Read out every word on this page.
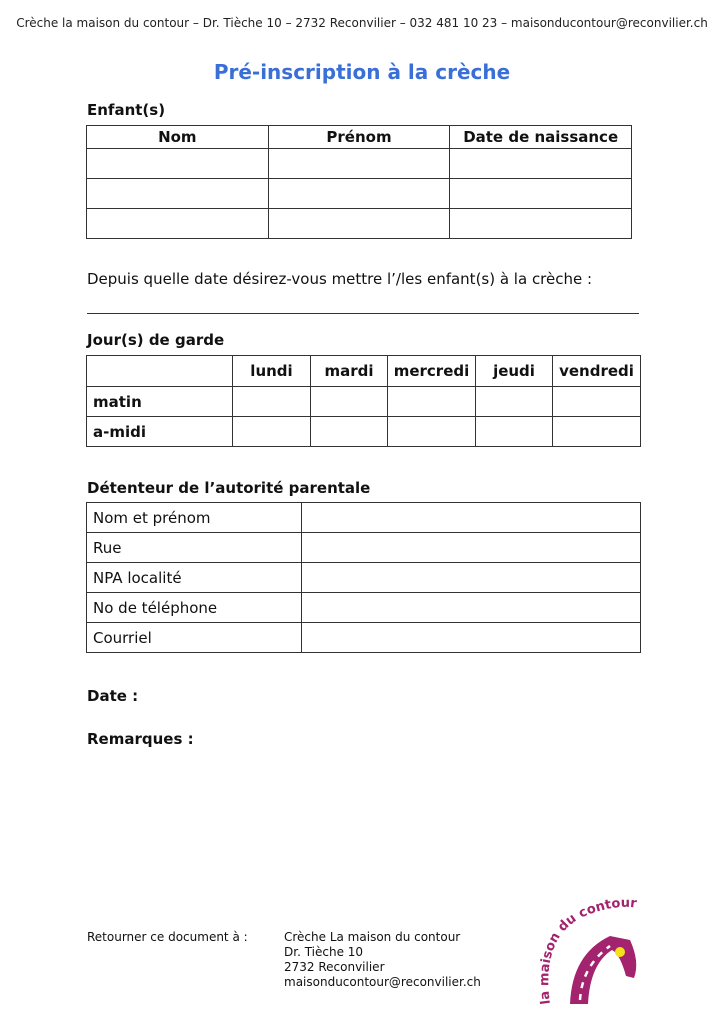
Crèche la maison du contour – Dr. Tièche 10 – 2732 Reconvilier – 032 481 10 23 – maisonducontour@reconvilier.ch
Pré-inscription à la crèche
Enfant(s)
Nom	Prénom	Date de naissance

Depuis quelle date désirez-vous mettre l’/les enfant(s) à la crèche :
Jour(s) de garde
	lundi	mardi	mercredi	jeudi	vendredi
matin					
a-midi					
Détenteur de l’autorité parentale
Nom et prénom	
Rue	
NPA localité	
No de téléphone	
Courriel	
Date :
Remarques :
Retourner ce document à :	Crèche La maison du contour
Dr. Tièche 10
2732 Reconvilier
maisonducontour@reconvilier.ch
la maison du contour
